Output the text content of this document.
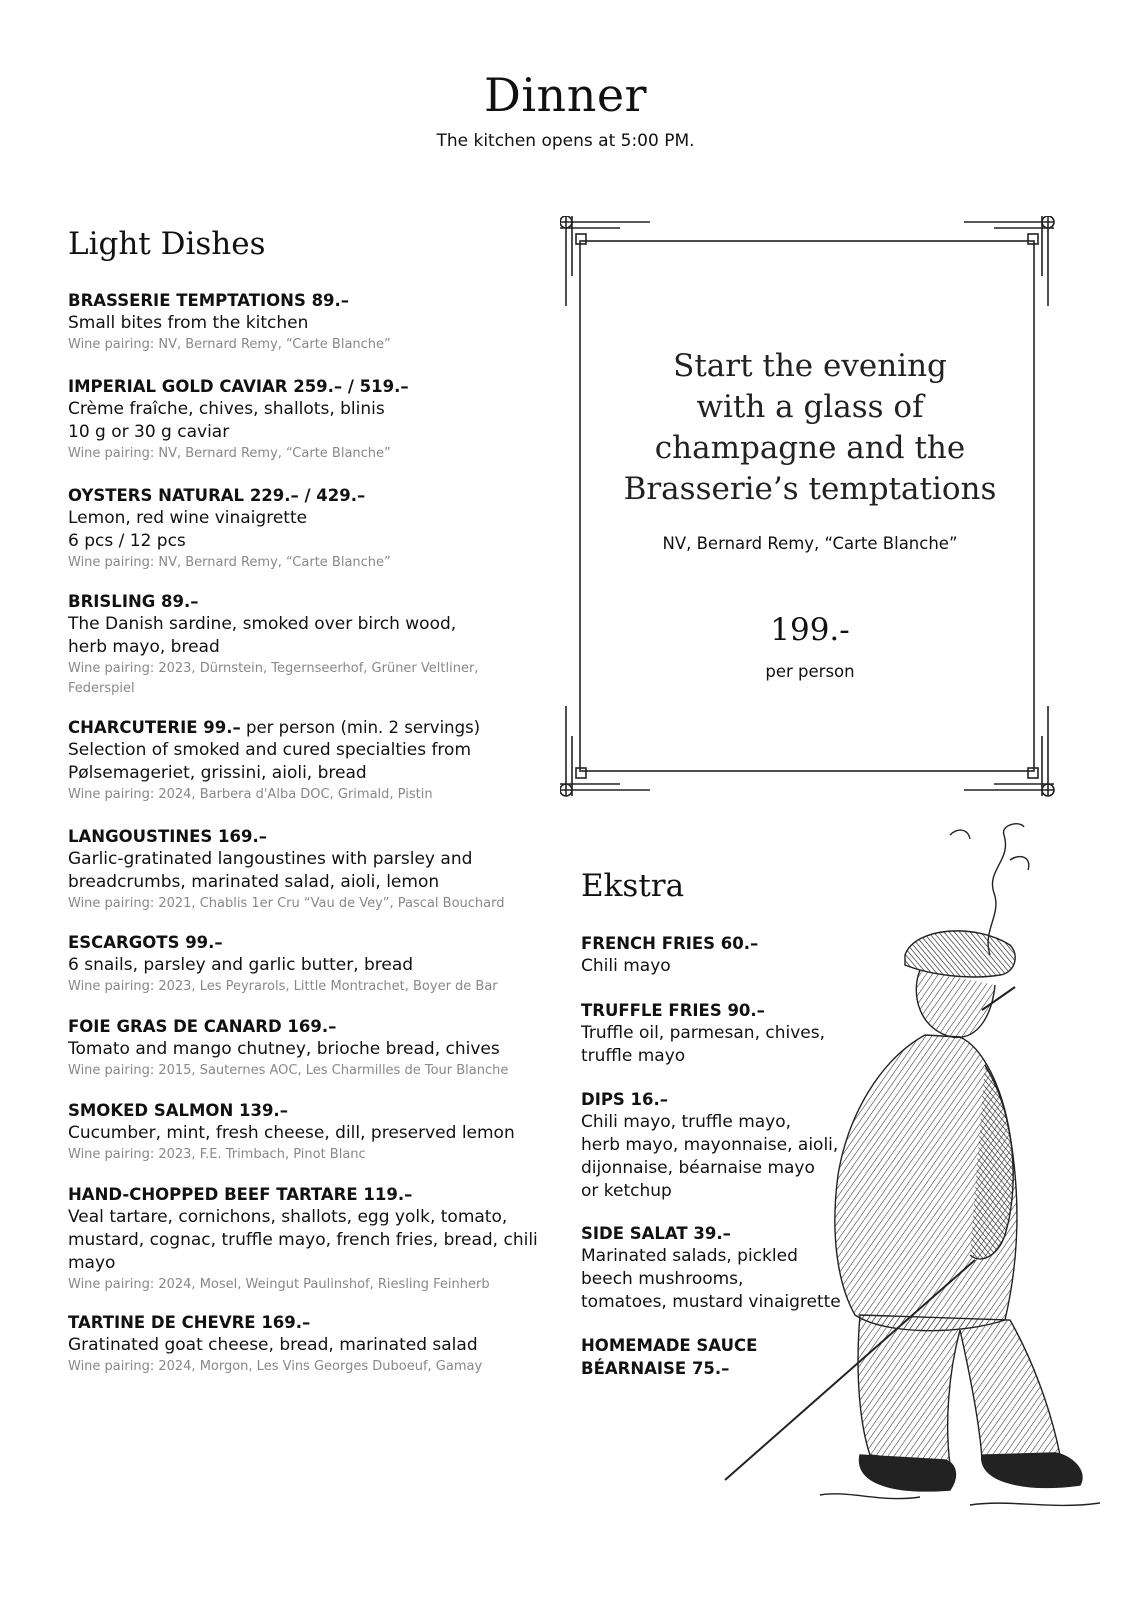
Dinner

The kitchen opens at 5:00 PM.

Light Dishes
BRASSERIE TEMPTATIONS 89.–
Small bites from the kitchen
Wine pairing: NV, Bernard Remy, “Carte Blanche”
IMPERIAL GOLD CAVIAR 259.– / 519.–
Crème fraîche, chives, shallots, blinis
10 g or 30 g caviar
Wine pairing: NV, Bernard Remy, “Carte Blanche”
OYSTERS NATURAL 229.– / 429.–
Lemon, red wine vinaigrette
6 pcs / 12 pcs
Wine pairing: NV, Bernard Remy, “Carte Blanche”
BRISLING 89.–
The Danish sardine, smoked over birch wood,
herb mayo, bread
Wine pairing: 2023, Dürnstein, Tegernseerhof, Grüner Veltliner,
Federspiel
CHARCUTERIE 99.– per person (min. 2 servings)
Selection of smoked and cured specialties from
Pølsemageriet, grissini, aioli, bread
Wine pairing: 2024, Barbera d'Alba DOC, Grimald, Pistin
LANGOUSTINES 169.–
Garlic-gratinated langoustines with parsley and
breadcrumbs, marinated salad, aioli, lemon
Wine pairing: 2021, Chablis 1er Cru “Vau de Vey”, Pascal Bouchard
ESCARGOTS 99.–
6 snails, parsley and garlic butter, bread
Wine pairing: 2023, Les Peyrarols, Little Montrachet, Boyer de Bar
FOIE GRAS DE CANARD 169.–
Tomato and mango chutney, brioche bread, chives
Wine pairing: 2015, Sauternes AOC, Les Charmilles de Tour Blanche
SMOKED SALMON 139.–
Cucumber, mint, fresh cheese, dill, preserved lemon
Wine pairing: 2023, F.E. Trimbach, Pinot Blanc
HAND-CHOPPED BEEF TARTARE 119.–
Veal tartare, cornichons, shallots, egg yolk, tomato,
mustard, cognac, truffle mayo, french fries, bread, chili
mayo
Wine pairing: 2024, Mosel, Weingut Paulinshof, Riesling Feinherb
TARTINE DE CHEVRE 169.–
Gratinated goat cheese, bread, marinated salad
Wine pairing: 2024, Morgon, Les Vins Georges Duboeuf, Gamay
Start the evening
with a glass of
champagne and the
Brasserie’s temptations
NV, Bernard Remy, “Carte Blanche”
199.-
per person
Ekstra
FRENCH FRIES 60.–
Chili mayo
TRUFFLE FRIES 90.–
Truffle oil, parmesan, chives,
truffle mayo
DIPS 16.–
Chili mayo, truffle mayo,
herb mayo, mayonnaise, aioli,
dijonnaise, béarnaise mayo
or ketchup
SIDE SALAT 39.–
Marinated salads, pickled
beech mushrooms,
tomatoes, mustard vinaigrette
HOMEMADE SAUCE
BÉARNAISE 75.–
